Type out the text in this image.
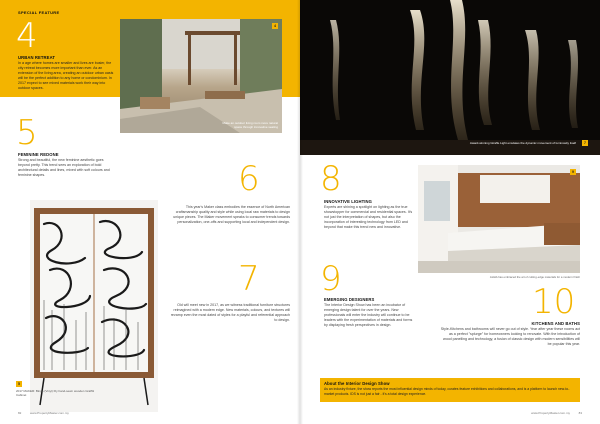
SPECIAL FEATURE
4
URBAN RETREAT
In a age where homes are smaller and lives are busier, the city retreat becomes more important than ever. As an extension of the living area, creating an outdoor urban oasis will be the perfect addition to any home or condominium. In 2017 expect to see mixed materials work their way into outdoor spaces.
4
Make an outdoor living room more natural space through innovative seating
5
FEMININE REDONE
Strong and beautiful, the new feminine aesthetic goes beyond pretty. This trend sees an exploration of bold architectural details and lines, mixed with soft colours and feminine shapes.
5
2017 MAKER: Bingo (Vinyl) Fly hand-sewn wooden Graffiti Cabinet
6
This year's Maker class embodies the essence of North American craftsmanship quality and style while using local raw materials to design unique pieces. The Maker movement speaks to consumer trends towards personalization, one-offs and supporting local and independent design.
7
Old will meet new in 2017, as we witness traditional furniture structures reimagined with a modern edge. New materials, colours, and textures will revamp even the most dated of styles for a playful and referential approach to design.
82	www.PropertyMaster.com.my
Award-winning Giraffe Light emulates the dynamic movement of luminosity itself	7
8
INNOVATIVE LIGHTING
Experts are shining a spotlight on lighting as the true showstopper for commercial and residential spaces. It's not just the interpretation of shapes, but also the incorporation of interesting technology from LED and beyond that make this trend new and innovative.
9
AHHA has embraced the art of cutting-edge materials for a modern finish
9
EMERGING DESIGNERS
The Interior Design Show has been an incubator of emerging design talent for over the years. New professionals will enter the industry will continue to be leaders with the experimentation of materials and forms by displaying fresh perspectives in design.
10
KITCHENS AND BATHS
Style-Kitchens and bathrooms will never go out of style. Year after year these rooms act as a perfect "splurge" for homeowners looking to renovate. With the introduction of wood panelling and technology, a fusion of classic design with modern sensibilities will be popular this year.
About the Interior Design Show
As an industry fixture, the show reports the most influential design minds of today, curates feature exhibitions and collaborations, and is a platform to launch new-to-market products. IDS is not just a fair - it's a total design experience.
www.PropertyMaster.com.my	83
